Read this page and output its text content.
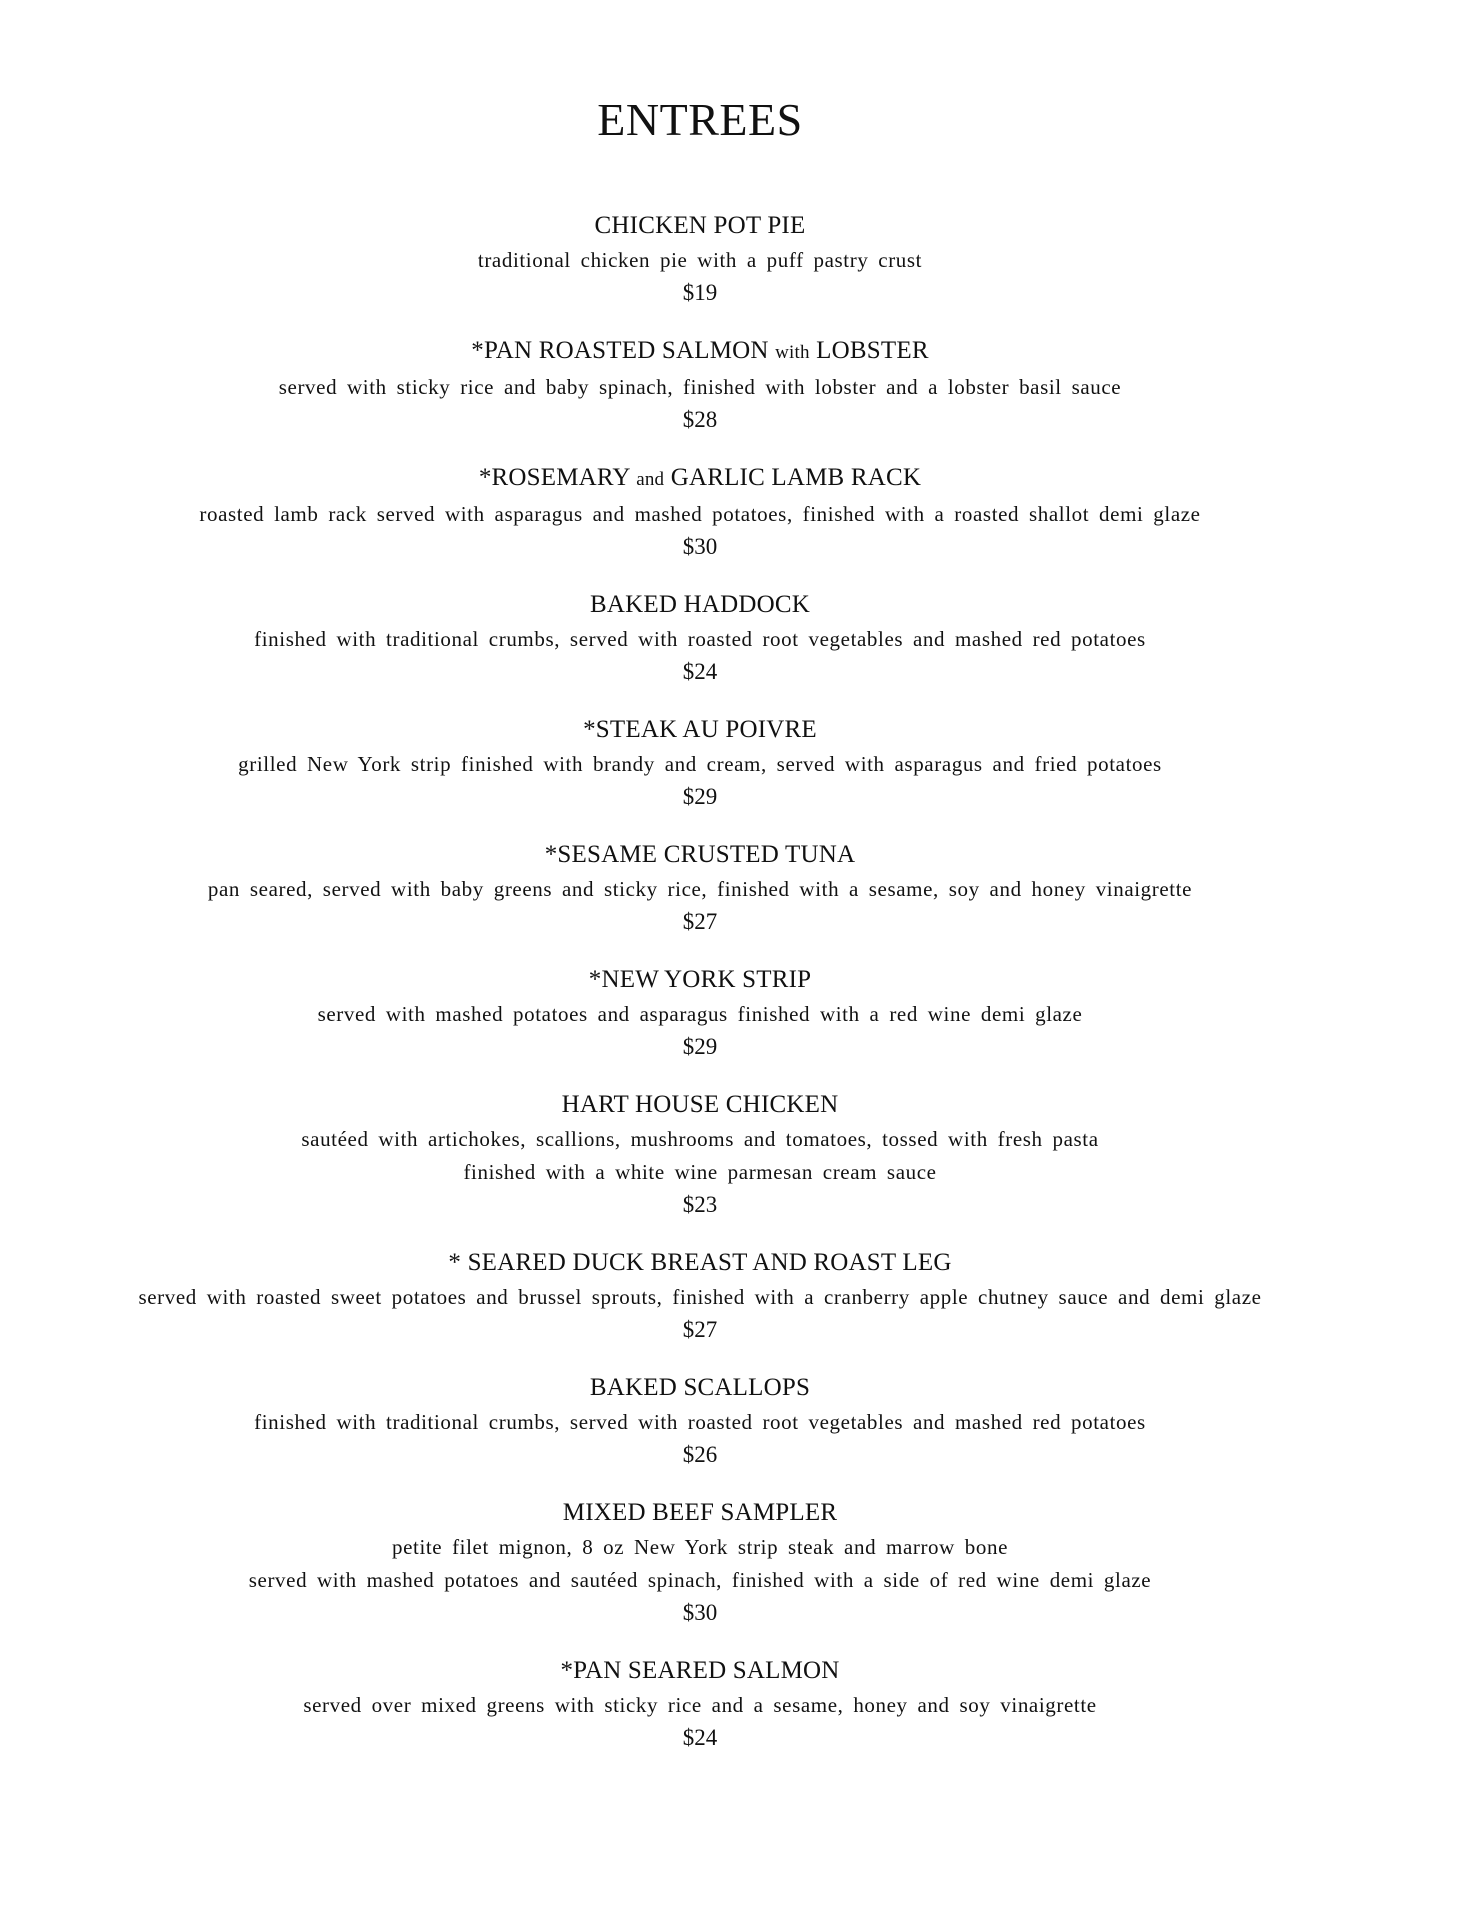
ENTREES
CHICKEN POT PIE
traditional chicken pie with a puff pastry crust
$19
*PAN ROASTED SALMON with LOBSTER
served with sticky rice and baby spinach, finished with lobster and a lobster basil sauce
$28
*ROSEMARY and GARLIC LAMB RACK
roasted lamb rack served with asparagus and mashed potatoes, finished with a roasted shallot demi glaze
$30
BAKED HADDOCK
finished with traditional crumbs, served with roasted root vegetables and mashed red potatoes
$24
*STEAK AU POIVRE
grilled New York strip finished with brandy and cream, served with asparagus and fried potatoes
$29
*SESAME CRUSTED TUNA
pan seared, served with baby greens and sticky rice, finished with a sesame, soy and honey vinaigrette
$27
*NEW YORK STRIP
served with mashed potatoes and asparagus finished with a red wine demi glaze
$29
HART HOUSE CHICKEN
sautéed with artichokes, scallions, mushrooms and tomatoes, tossed with fresh pasta
finished with a white wine parmesan cream sauce
$23
* SEARED DUCK BREAST AND ROAST LEG
served with roasted sweet potatoes and brussel sprouts, finished with a cranberry apple chutney sauce and demi glaze
$27
BAKED SCALLOPS
finished with traditional crumbs, served with roasted root vegetables and mashed red potatoes
$26
MIXED BEEF SAMPLER
petite filet mignon, 8 oz New York strip steak and marrow bone
served with mashed potatoes and sautéed spinach, finished with a side of red wine demi glaze
$30
*PAN SEARED SALMON
served over mixed greens with sticky rice and a sesame, honey and soy vinaigrette
$24
